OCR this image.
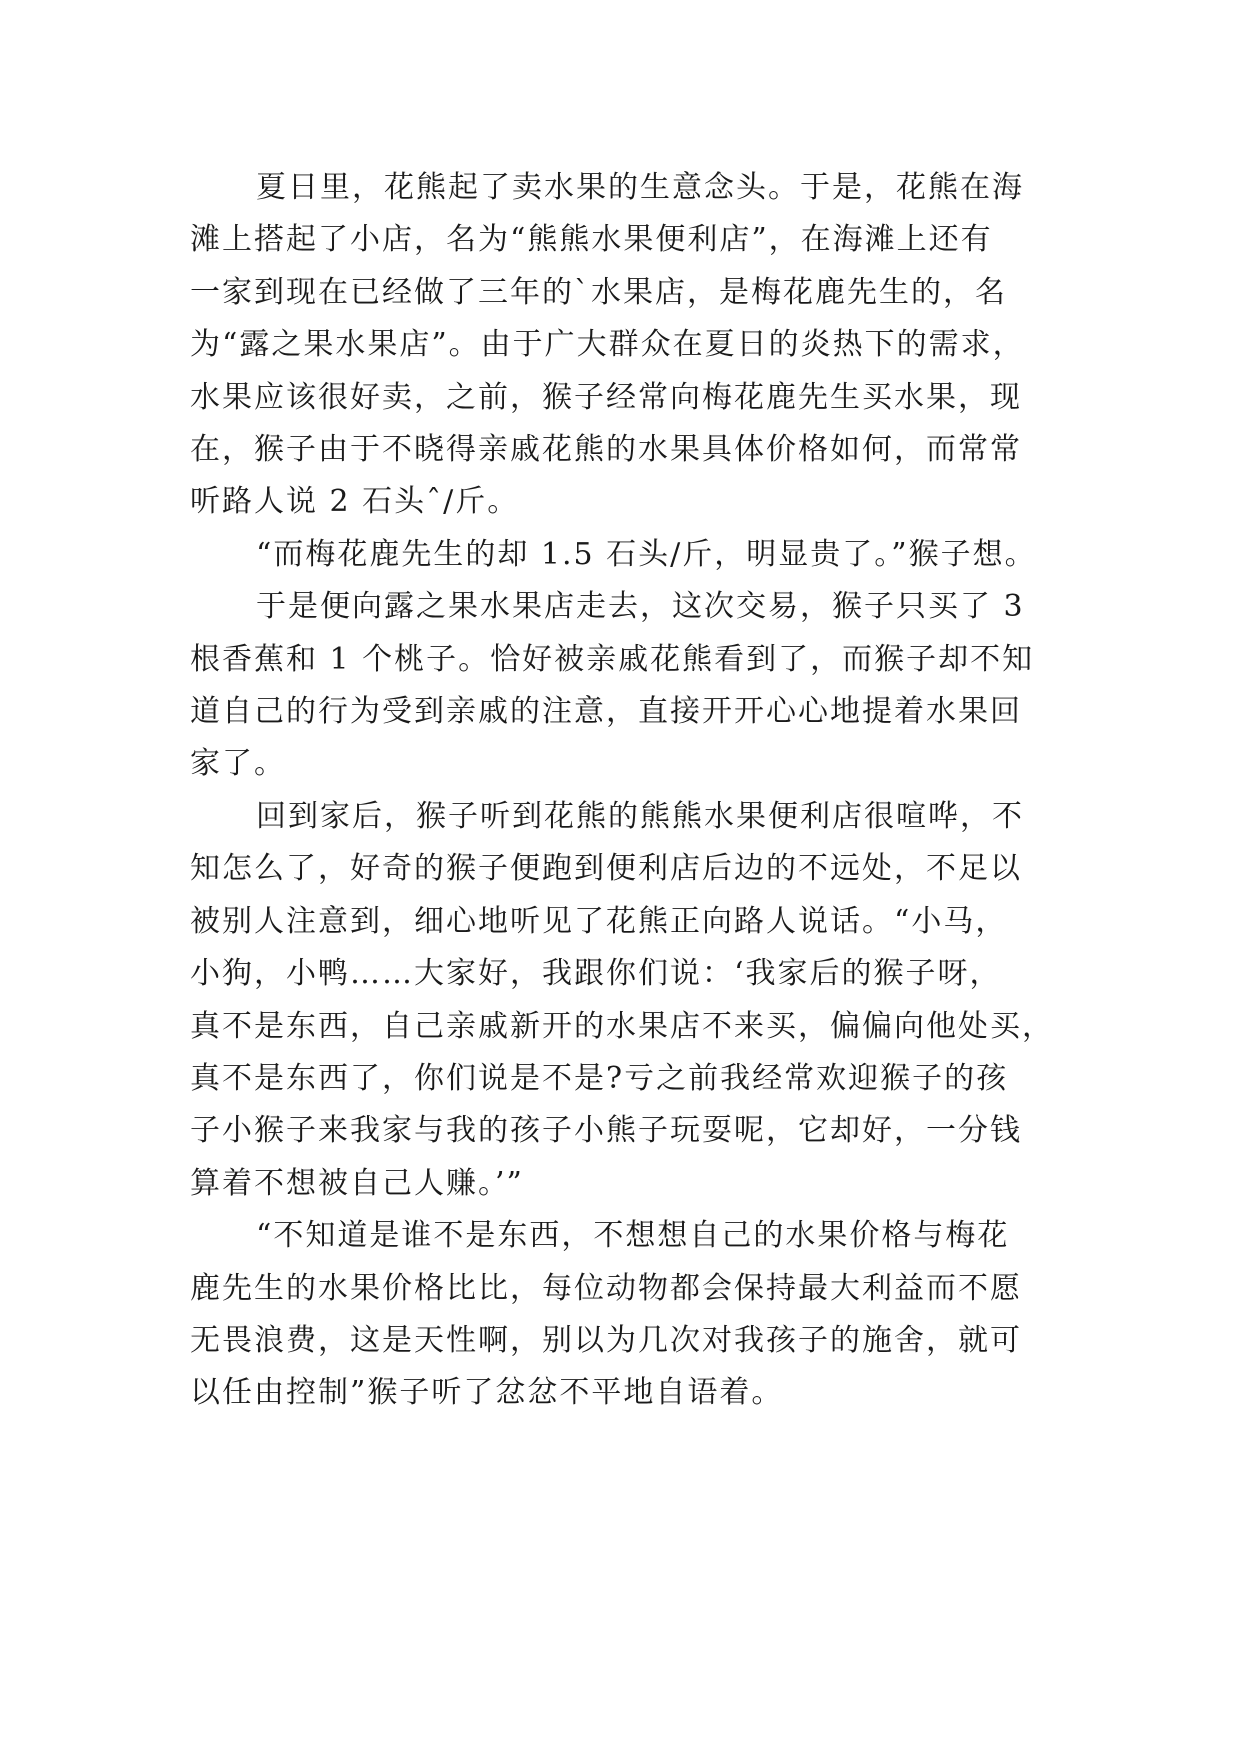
夏日里，花熊起了卖水果的生意念头。于是，花熊在海
滩上搭起了小店，名为“熊熊水果便利店”，在海滩上还有
一家到现在已经做了三年的`水果店，是梅花鹿先生的，名
为“露之果水果店”。由于广大群众在夏日的炎热下的需求，
水果应该很好卖，之前，猴子经常向梅花鹿先生买水果，现
在，猴子由于不晓得亲戚花熊的水果具体价格如何，而常常
听路人说 2 石头ˆ/斤。

“而梅花鹿先生的却 1.5 石头/斤，明显贵了。”猴子想。

于是便向露之果水果店走去，这次交易，猴子只买了 3
根香蕉和 1 个桃子。恰好被亲戚花熊看到了，而猴子却不知
道自己的行为受到亲戚的注意，直接开开心心地提着水果回
家了。

回到家后，猴子听到花熊的熊熊水果便利店很喧哗，不
知怎么了，好奇的猴子便跑到便利店后边的不远处，不足以
被别人注意到，细心地听见了花熊正向路人说话。“小马，
小狗，小鸭……大家好，我跟你们说：‘我家后的猴子呀，
真不是东西，自己亲戚新开的水果店不来买，偏偏向他处买，
真不是东西了，你们说是不是?亏之前我经常欢迎猴子的孩
子小猴子来我家与我的孩子小熊子玩耍呢，它却好，一分钱
算着不想被自己人赚。’”

“不知道是谁不是东西，不想想自己的水果价格与梅花
鹿先生的水果价格比比，每位动物都会保持最大利益而不愿
无畏浪费，这是天性啊，别以为几次对我孩子的施舍，就可
以任由控制”猴子听了忿忿不平地自语着。
